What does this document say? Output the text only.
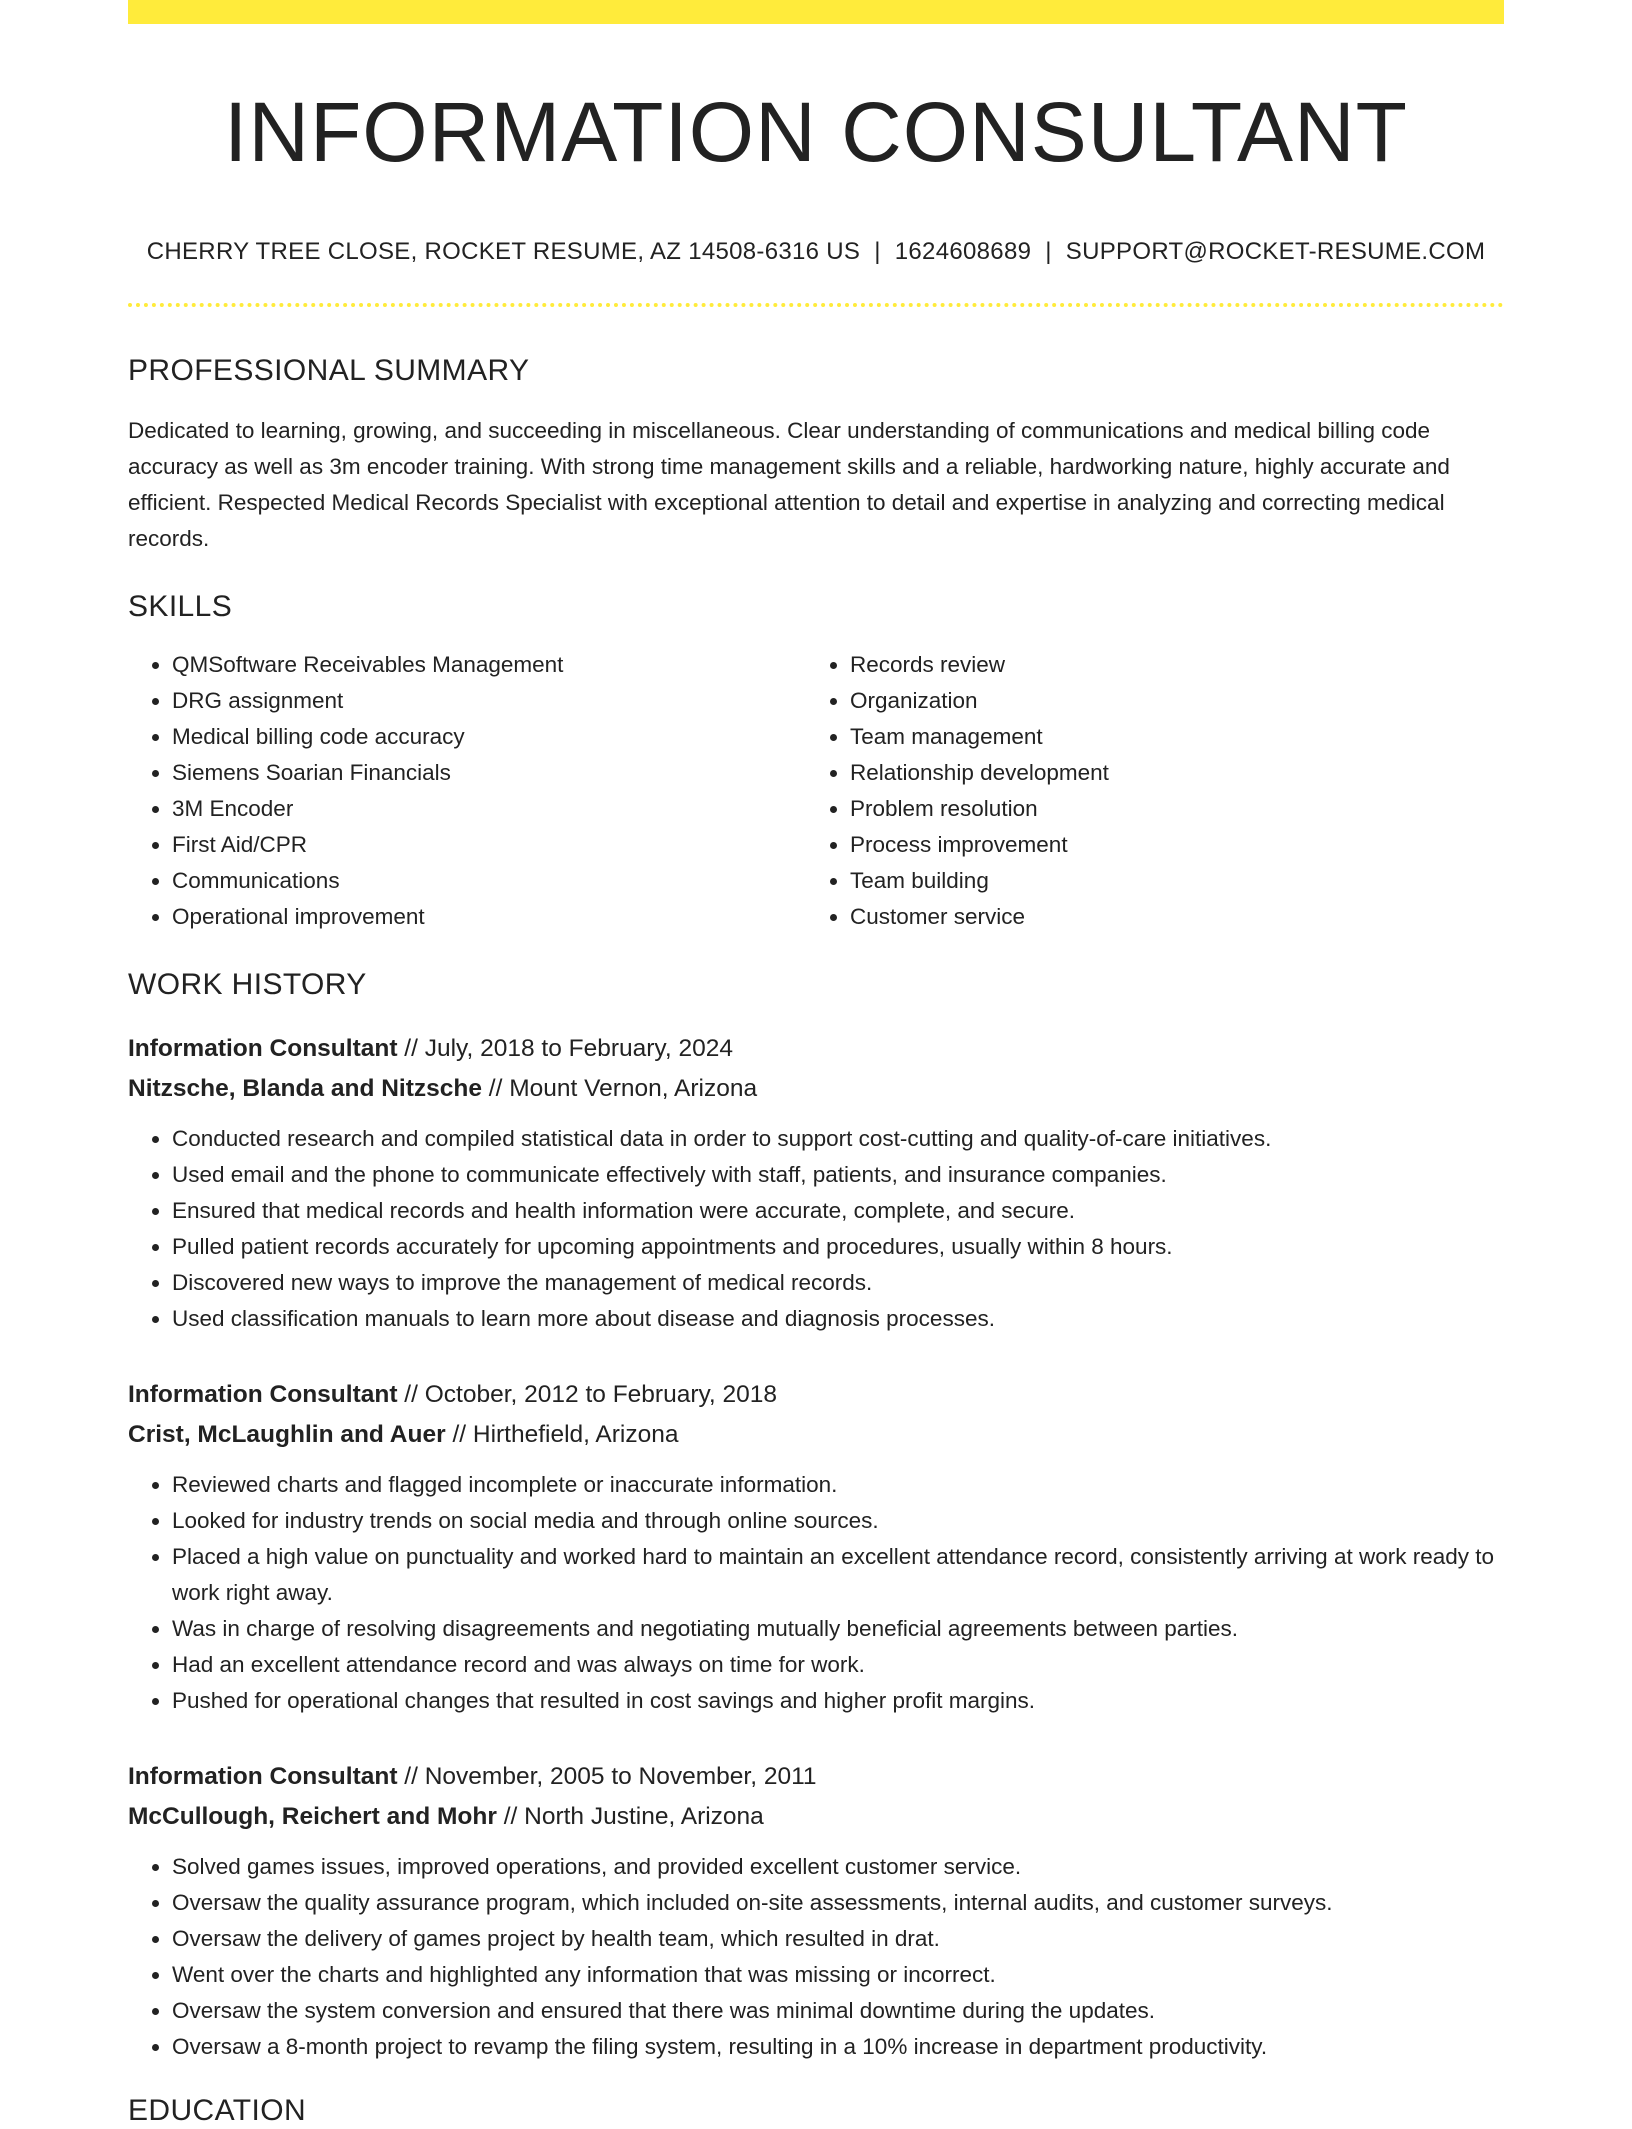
INFORMATION CONSULTANT
CHERRY TREE CLOSE, ROCKET RESUME, AZ 14508-6316 US | 1624608689 | SUPPORT@ROCKET-RESUME.COM
PROFESSIONAL SUMMARY

Dedicated to learning, growing, and succeeding in miscellaneous. Clear understanding of communications and medical billing code accuracy as well as 3m encoder training. With strong time management skills and a reliable, hardworking nature, highly accurate and efficient. Respected Medical Records Specialist with exceptional attention to detail and expertise in analyzing and correcting medical records.

SKILLS
• QMSoftware Receivables Management
• DRG assignment
• Medical billing code accuracy
• Siemens Soarian Financials
• 3M Encoder
• First Aid/CPR
• Communications
• Operational improvement
• Records review
• Organization
• Team management
• Relationship development
• Problem resolution
• Process improvement
• Team building
• Customer service
WORK HISTORY
Information Consultant // July, 2018 to February, 2024
Nitzsche, Blanda and Nitzsche // Mount Vernon, Arizona
• Conducted research and compiled statistical data in order to support cost-cutting and quality-of-care initiatives.
• Used email and the phone to communicate effectively with staff, patients, and insurance companies.
• Ensured that medical records and health information were accurate, complete, and secure.
• Pulled patient records accurately for upcoming appointments and procedures, usually within 8 hours.
• Discovered new ways to improve the management of medical records.
• Used classification manuals to learn more about disease and diagnosis processes.
Information Consultant // October, 2012 to February, 2018
Crist, McLaughlin and Auer // Hirthefield, Arizona
• Reviewed charts and flagged incomplete or inaccurate information.
• Looked for industry trends on social media and through online sources.
• Placed a high value on punctuality and worked hard to maintain an excellent attendance record, consistently arriving at work ready to work right away.
• Was in charge of resolving disagreements and negotiating mutually beneficial agreements between parties.
• Had an excellent attendance record and was always on time for work.
• Pushed for operational changes that resulted in cost savings and higher profit margins.
Information Consultant // November, 2005 to November, 2011
McCullough, Reichert and Mohr // North Justine, Arizona
• Solved games issues, improved operations, and provided excellent customer service.
• Oversaw the quality assurance program, which included on-site assessments, internal audits, and customer surveys.
• Oversaw the delivery of games project by health team, which resulted in drat.
• Went over the charts and highlighted any information that was missing or incorrect.
• Oversaw the system conversion and ensured that there was minimal downtime during the updates.
• Oversaw a 8-month project to revamp the filing system, resulting in a 10% increase in department productivity.
EDUCATION
